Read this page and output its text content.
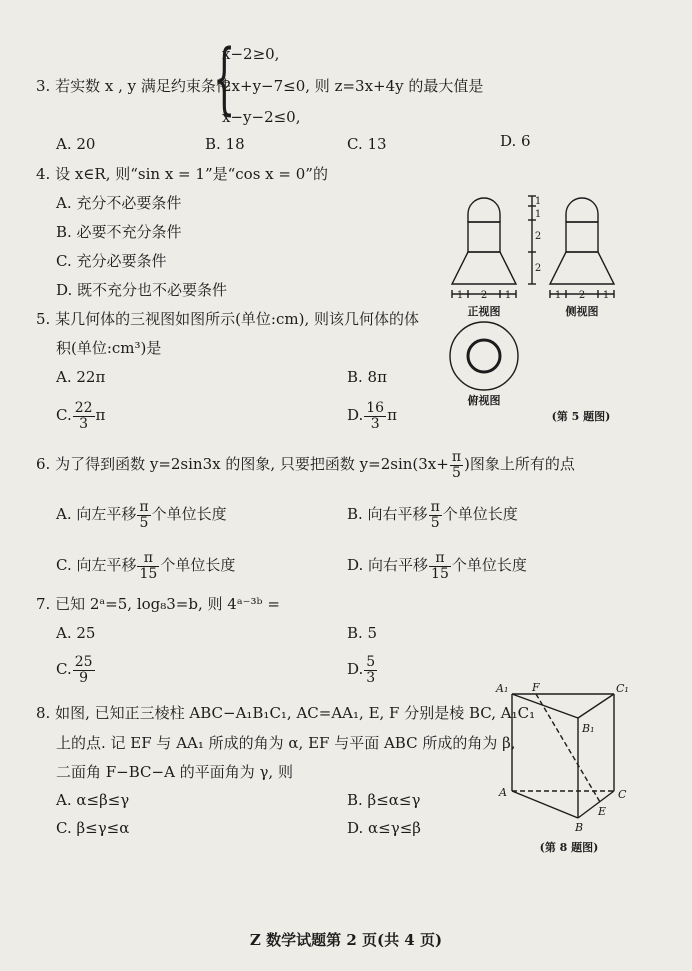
3. 若实数 x , y 满足约束条件
{
x−2≥0,
2x+y−7≤0, 则 z=3x+4y 的最大值是
x−y−2≤0,
A. 20	B. 18	C. 13	D. 6
4. 设 x∈R, 则“sin x = 1”是“cos x = 0”的
A. 充分不必要条件
B. 必要不充分条件
C. 充分必要条件
D. 既不充分也不必要条件
5. 某几何体的三视图如图所示(单位:cm), 则该几何体的体
积(单位:cm³)是
A. 22π	B. 8π
C. $\frac{22}{3}$ π	D. $\frac{16}{3}$ π
1
1
2
2
1 2 1	1 2 1
正视图	侧视图
俯视图
(第 5 题图)
6. 为了得到函数 y=2sin3x 的图象, 只要把函数 $y=2\sin(3x+ \frac{\pi}{5}$ )图象上所有的点
A. 向左平移 $\frac{\pi}{5}$ 个单位长度	B. 向右平移 $\frac{\pi}{5}$ 个单位长度
C. 向左平移 $\frac{\pi}{15}$ 个单位长度	D. 向右平移 $\frac{\pi}{15}$ 个单位长度
7. 已知 2ᵃ=5, log₈3=b, 则 4ᵃ⁻³ᵇ =
A. 25	B. 5
C. $\frac{25}{9}$	D. $\frac{5}{3}$
8. 如图, 已知正三棱柱 ABC−A₁B₁C₁, AC=AA₁, E, F 分别是棱 BC, A₁C₁
上的点. 记 EF 与 AA₁ 所成的角为 α, EF 与平面 ABC 所成的角为 β,
二面角 F−BC−A 的平面角为 γ, 则
A. α≤β≤γ	B. β≤α≤γ
C. β≤γ≤α	D. α≤γ≤β
A₁ F	C₁
B₁
A	C
E
B
(第 8 题图)
Z 数学试题第 2 页(共 4 页)
